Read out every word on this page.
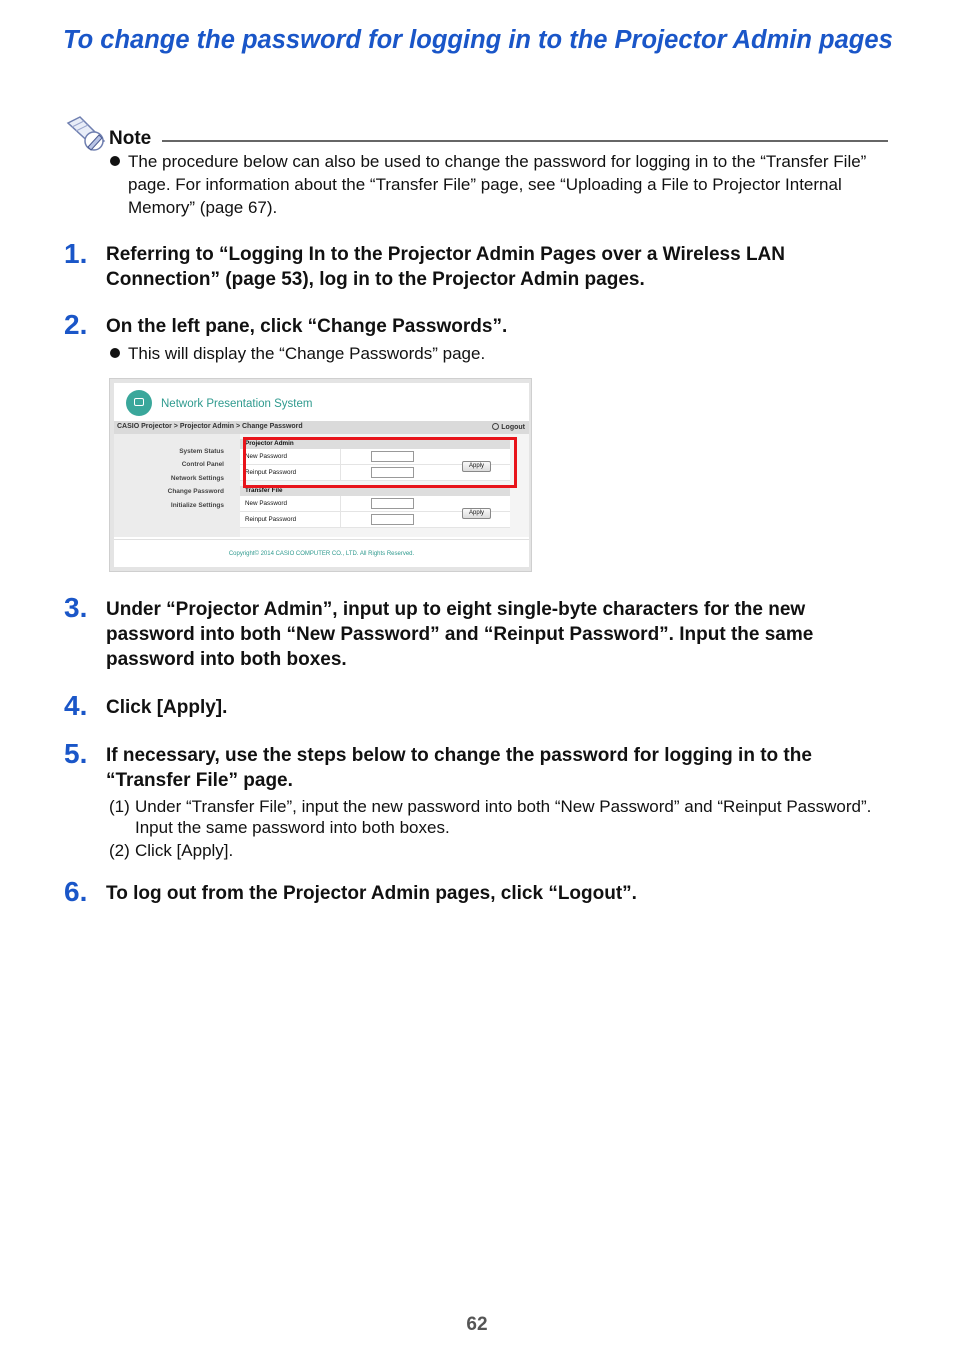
To change the password for logging in to the Projector Admin pages
Note
The procedure below can also be used to change the password for logging in to the “Transfer File” page. For information about the “Transfer File” page, see “Uploading a File to Projector Internal Memory” (page 67).
1. Referring to “Logging In to the Projector Admin Pages over a Wireless LAN Connection” (page 53), log in to the Projector Admin pages.
2. On the left pane, click “Change Passwords”.
This will display the “Change Passwords” page.
Network Presentation System
CASIO Projector > Projector Admin > Change Password	Logout
System Status
Control Panel
Network Settings
Change Password
Initialize Settings
Projector Admin
New Password
Reinput Password
Apply
Transfer File
New Password
Reinput Password
Apply
Copyright© 2014 CASIO COMPUTER CO., LTD. All Rights Reserved.
3. Under “Projector Admin”, input up to eight single-byte characters for the new password into both “New Password” and “Reinput Password”. Input the same password into both boxes.
4. Click [Apply].
5. If necessary, use the steps below to change the password for logging in to the “Transfer File” page.
(1) Under “Transfer File”, input the new password into both “New Password” and “Reinput Password”. Input the same password into both boxes.
(2) Click [Apply].
6. To log out from the Projector Admin pages, click “Logout”.
62
